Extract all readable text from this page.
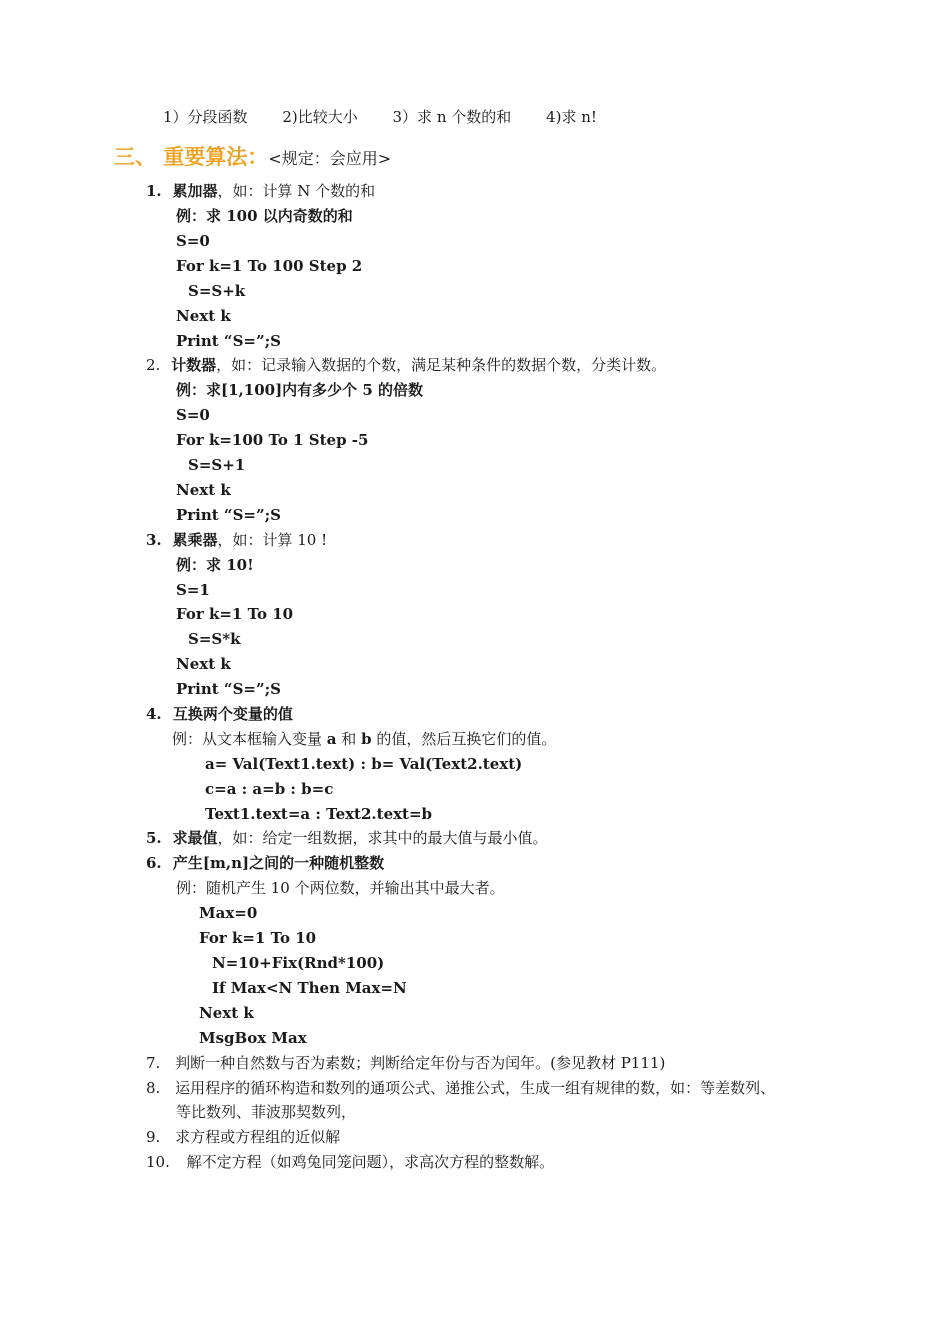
1）分段函数 2)比较大小 3）求 n 个数的和 4)求 n!
三、 重要算法：<规定：会应用>
1. 累加器，如：计算 N 个数的和
例：求 100 以内奇数的和
S=0
For k=1 To 100 Step 2
S=S+k
Next k
Print “S=”;S
2. 计数器，如：记录输入数据的个数，满足某种条件的数据个数，分类计数。
例：求[1,100]内有多少个 5 的倍数
S=0
For k=100 To 1 Step -5
S=S+1
Next k
Print “S=”;S
3. 累乘器，如：计算 10 !
例：求 10!
S=1
For k=1 To 10
S=S*k
Next k
Print “S=”;S
4. 互换两个变量的值
例：从文本框输入变量 a 和 b 的值，然后互换它们的值。
a= Val(Text1.text) : b= Val(Text2.text)
c=a : a=b : b=c
Text1.text=a : Text2.text=b
5. 求最值，如：给定一组数据，求其中的最大值与最小值。
6. 产生[m,n]之间的一种随机整数
例：随机产生 10 个两位数，并输出其中最大者。
Max=0
For k=1 To 10
N=10+Fix(Rnd*100)
If Max<N Then Max=N
Next k
MsgBox Max
7. 判断一种自然数与否为素数；判断给定年份与否为闰年。(参见教材 P111)
8. 运用程序的循环构造和数列的通项公式、递推公式，生成一组有规律的数，如：等差数列、
等比数列、菲波那契数列，
9. 求方程或方程组的近似解
10. 解不定方程（如鸡兔同笼问题），求高次方程的整数解。
